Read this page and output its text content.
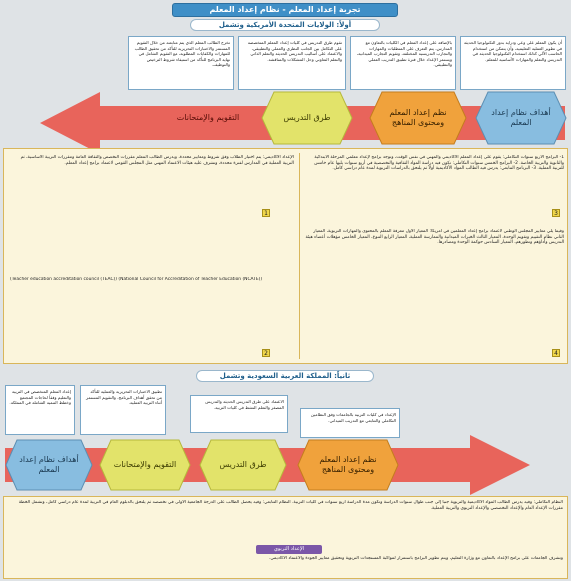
تجربة إعداد المعلم - نظام إعداد المعلم
أولاً: الولايات المتحدة الأمريكية وتشمل
أن يكون المعلم على وعي ودراية بدور التكنولوجيا الحديثة في تطوير العملية التعليمية، وأن يتمكن من استخدام الحاسب الآلي كذلك استخدام التكنولوجيا الحديثة في التدريس والتعلم والمهارات الأساسية للمعلم.
بالإضافة على إعداد المعلم في الكليات بالتعاون مع المدارس، يتم التعرف على المتطلبات والمهارات والتجارب التدريسية المختلفة، وتقويم التجارب الميدانية، ويستمر الإعداد خلال فترة تطبيق التدريب العملي والتطبيقي.
تقوم طرق التدريس في كليات إعداد المعلم المتخصصة على التكامل بين الجانب النظري والعملي والتطبيقي، والاعتماد على أساليب التدريس الحديثة والتعلم الذاتي والتعلم التعاوني وحل المشكلات والمناقشة.
تخرج الطالب المعلم الذي يتم متابعته من خلال التقويم المستمر والاختبارات التحريرية للتأكد من تحقيق الطالب للمهارات والكفايات المطلوبة، مع التقويم الشامل في نهاية البرنامج للتأكد من استيفاء شروط الترخيص والتوظيف.
أهداف نظام إعداد المعلم
نظم إعداد المعلم ومحتوى المناهج
طرق التدريس
التقويم والإمتحانات
1- البرامج الأربع سنوات التكاملي: يقوم على إعداد المعلم الأكاديمي والمهني في نفس الوقت، وتوجد برامج لإعداد معلمي المرحلة الابتدائية والثانوية والتربية الخاصة. 2- البرامج الخمس سنوات التكاملي: تكون فيه دراسة المواد الثقافية والتخصصية في أربع سنوات يليها عام خامس للتربية العملية. 3- البرنامج التتابعي: يدرس فيه الطالب المواد الأكاديمية أولاً ثم يلتحق بالدراسات التربوية لمدة عام دراسي كامل.
الإعداد الأكاديمي: يتم اختيار الطلاب وفق شروط ومعايير محددة، ويدرس الطالب المعلم مقررات التخصص والثقافة العامة ومقررات التربية الأساسية، ثم التربية العملية في المدارس لفترة محددة، وتشرف عليه هيئات الاعتماد المهني مثل المجلس القومي لاعتماد برامج إعداد المعلم.
(Teacher education accreditation council (TEAC)) (National Council for Accreditation of Teacher Education (NCATE))
وفيما يلي معايير المجلس الوطني لاعتماد برامج إعداد المعلمين في أمريكا: المعيار الأول معرفة المعلم بالمحتوى والمهارات التربوية، المعيار الثاني نظام التقييم وتقويم الوحدة، المعيار الثالث الخبرات الميدانية والممارسة العملية، المعيار الرابع التنوع، المعيار الخامس مؤهلات أعضاء هيئة التدريس وأداؤهم وتطورهم، المعيار السادس حوكمة الوحدة ومصادرها.
1
2
3
4
ثانياً: المملكة العربية السعودية وتشمل
إعداد المعلم المتخصص في التربية والتعليم وفقاً لحاجات المجتمع وخطط التنمية الشاملة في المملكة.
تطبيق الاختبارات التحريرية والعملية للتأكد من تحقق أهداف البرنامج، والتقويم المستمر أثناء التربية العملية.	الاعتماد على طرق التدريس الحديثة والتدريس المصغر والتعلم النشط في كليات التربية.
الإعداد في كليات التربية بالجامعات وفق النظامين التكاملي والتتابعي مع التدريب الميداني.
أهداف نظام إعداد المعلم
التقويم والإمتحانات	طرق التدريس
نظم إعداد المعلم ومحتوى المناهج
النظام التكاملي: وفيه يدرس الطالب المواد الأكاديمية والتربوية جنباً إلى جنب طوال سنوات الدراسة وتكون مدة الدراسة أربع سنوات في كليات التربية. النظام التتابعي: وفيه يحصل الطالب على الدرجة الجامعية الأولى في تخصصه ثم يلتحق بالدبلوم العام في التربية لمدة عام دراسي كامل، وتشمل الخطة مقررات الإعداد العام والإعداد التخصصي والإعداد التربوي والتربية العملية.
الإعداد التربوي
وتشرف الجامعات على برامج الإعداد بالتعاون مع وزارة التعليم، ويتم تطوير البرامج باستمرار لمواكبة المستجدات التربوية وتحقيق معايير الجودة والاعتماد الأكاديمي.
